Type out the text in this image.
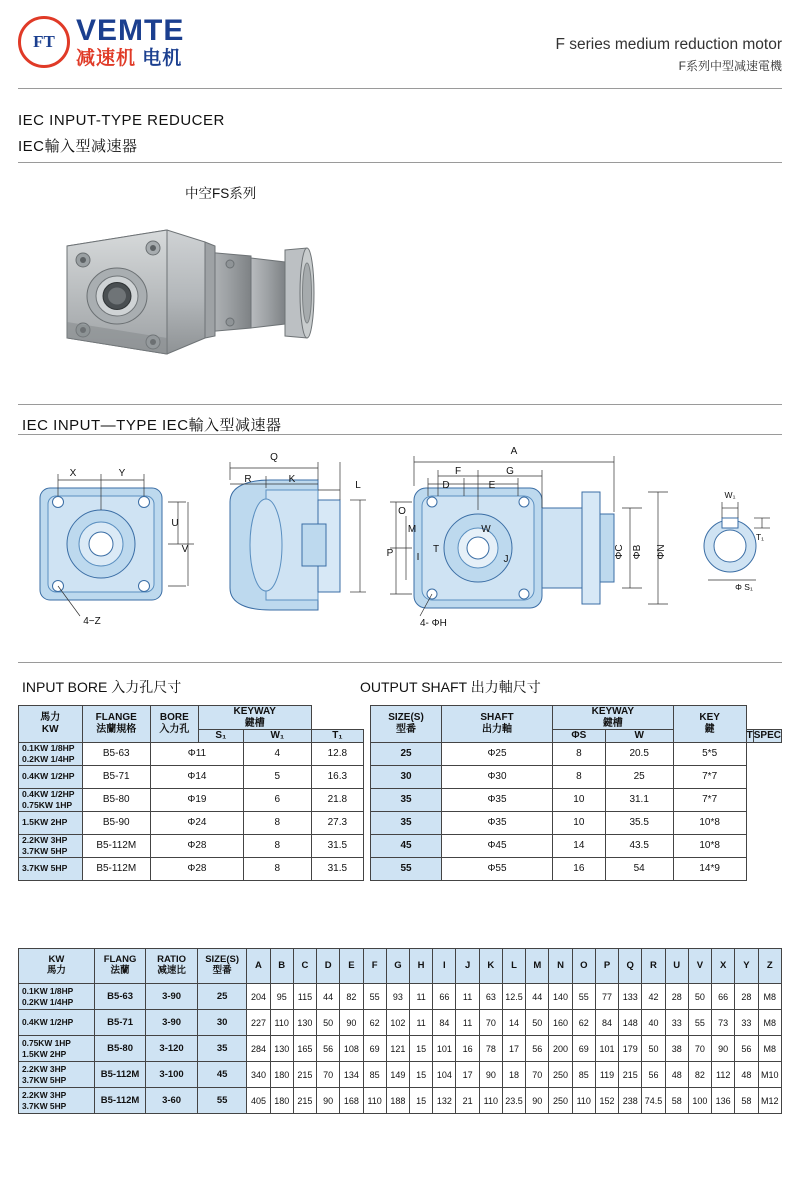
FT VEMTE
减速机 电机
F series medium reduction motor
F系列中型减速電機
IEC INPUT-TYPE REDUCER
IEC輸入型减速器
中空FS系列
IEC INPUT—TYPE IEC輸入型减速器
X	Y
U
V
4−Z
Q
R	K
L
A
F	G
D	E
O
M	W
P I
T
J
4- ΦH
ΦC ΦB ΦN
W₁
T₁
Φ S₁
INPUT BORE 入力孔尺寸	OUTPUT SHAFT 出力軸尺寸
馬力
KW	FLANGE
法蘭規格	BORE
入力孔	KEYWAY
鍵槽		
			S₁	W₁	T₁
0.1KW 1/8HP
0.2KW 1/4HP	B5-63	Φ11		4	12.8
0.4KW 1/2HP	B5-71	Φ14		5	16.3
0.4KW 1/2HP
0.75KW 1HP	B5-80	Φ19		6	21.8
1.5KW 2HP	B5-90	Φ24		8	27.3
2.2KW 3HP
3.7KW 5HP	B5-112M	Φ28		8	31.5
3.7KW 5HP	B5-112M	Φ28		8	31.5
SIZE(S)
型番	SHAFT
出力軸	KEYWAY
鍵槽		KEY
鍵		
		ΦS	W		T	SPEC
25	Φ25	8	20.5	5*5		
30	Φ30	8	25	7*7		
35	Φ35	10	31.1	7*7		
35	Φ35	10	35.5	10*8		
45	Φ45	14	43.5	10*8		
55	Φ55	16	54	14*9		
KW
馬力	FLANG
法蘭	RATIO
减速比	SIZE(S)
型番	A	B	C	D	E	F	G	H	I	J	K	L	M	N	O	P	Q	R	U	V	X	Y	Z
0.1KW 1/8HP
0.2KW 1/4HP	B5-63	3-90	25	204	95	115	44	82	55	93	11	66	11	63	12.5	44	140	55	77	133	42	28	50	66	28	M8
0.4KW 1/2HP	B5-71	3-90	30	227	110	130	50	90	62	102	11	84	11	70	14	50	160	62	84	148	40	33	55	73	33	M8
0.75KW 1HP
1.5KW 2HP	B5-80	3-120	35	284	130	165	56	108	69	121	15	101	16	78	17	56	200	69	101	179	50	38	70	90	56	M8
2.2KW 3HP
3.7KW 5HP	B5-112M	3-100	45	340	180	215	70	134	85	149	15	104	17	90	18	70	250	85	119	215	56	48	82	112	48	M10
2.2KW 3HP
3.7KW 5HP	B5-112M	3-60	55	405	180	215	90	168	110	188	15	132	21	110	23.5	90	250	110	152	238	74.5	58	100	136	58	M12
